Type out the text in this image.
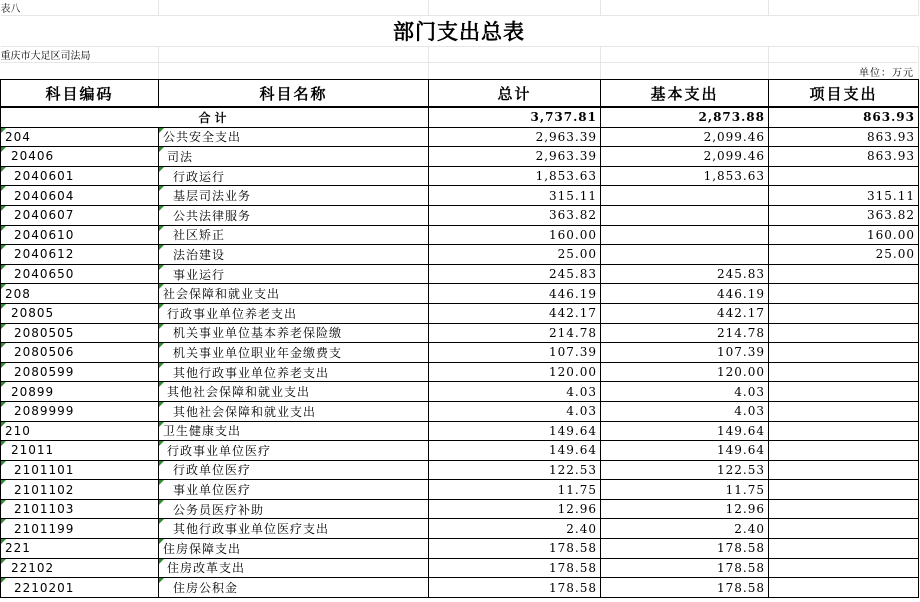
部门支出总表
表八				

重庆市大足区司法局				
				单位：万元
科目编码	科目名称	总计	基本支出	项目支出
合计		3,737.81	2,873.88	863.93

204	公共安全支出	2,963.39	2,099.46	863.93

20406	司法	2,963.39	2,099.46	863.93

2040601	行政运行	1,853.63	1,853.63	

2040604	基层司法业务	315.11		315.11

2040607	公共法律服务	363.82		363.82

2040610	社区矫正	160.00		160.00

2040612	法治建设	25.00		25.00

2040650	事业运行	245.83	245.83	

208	社会保障和就业支出	446.19	446.19	

20805	行政事业单位养老支出	442.17	442.17	

2080505	机关事业单位基本养老保险缴	214.78	214.78	

2080506	机关事业单位职业年金缴费支	107.39	107.39	

2080599	其他行政事业单位养老支出	120.00	120.00	

20899	其他社会保障和就业支出	4.03	4.03	

2089999	其他社会保障和就业支出	4.03	4.03	

210	卫生健康支出	149.64	149.64	

21011	行政事业单位医疗	149.64	149.64	

2101101	行政单位医疗	122.53	122.53	

2101102	事业单位医疗	11.75	11.75	

2101103	公务员医疗补助	12.96	12.96	

2101199	其他行政事业单位医疗支出	2.40	2.40	

221	住房保障支出	178.58	178.58	

22102	住房改革支出	178.58	178.58	

2210201	住房公积金	178.58	178.58	
